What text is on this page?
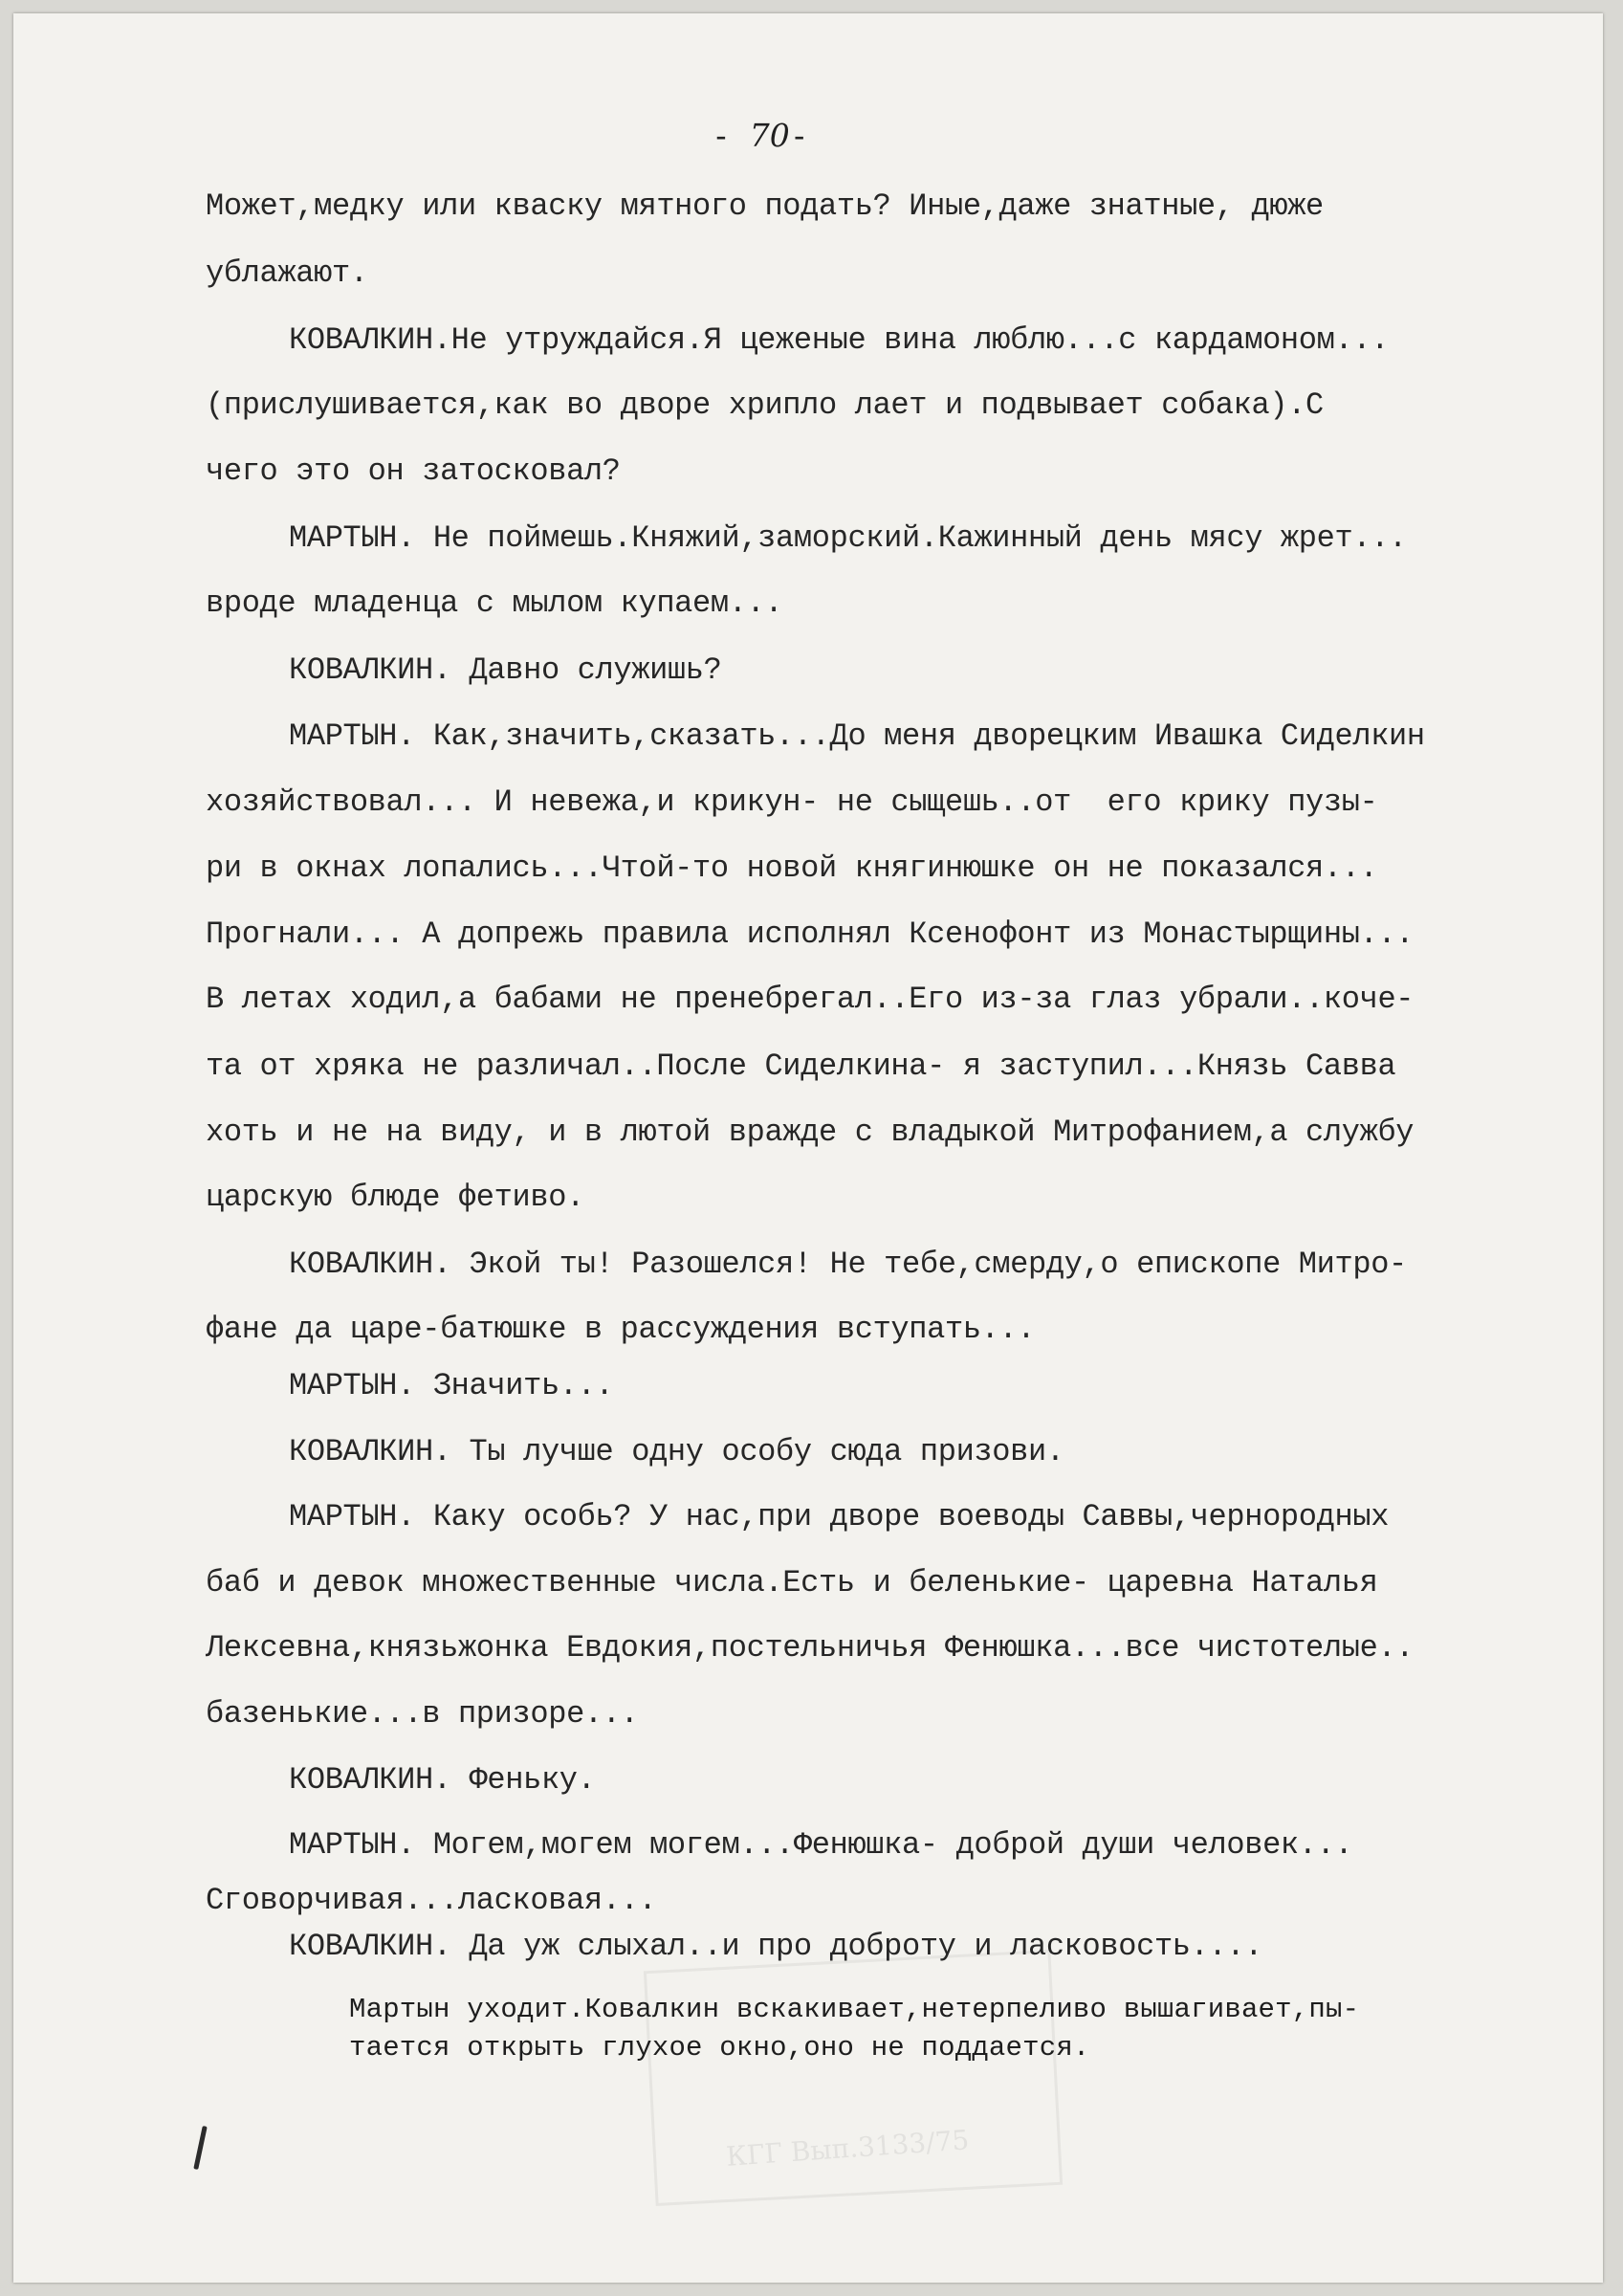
КГГ Вып.3133/75
- 70-
Может,медку или кваску мятного подать? Иные,даже знатные, дюже
ублажают.
КОВАЛКИН.Не утруждайся.Я цеженые вина люблю...с кардамоном...
(прислушивается,как во дворе хрипло лает и подвывает собака).С
чего это он затосковал?
МАРТЫН. Не поймешь.Княжий,заморский.Кажинный день мясу жрет...
вроде младенца с мылом купаем...
КОВАЛКИН. Давно служишь?
МАРТЫН. Как,значить,сказать...До меня дворецким Ивашка Сиделкин
хозяйствовал... И невежа,и крикун- не сыщешь..от  его крику пузы-
ри в окнах лопались...Чтой-то новой княгинюшке он не показался...
Прогнали... А допрежь правила исполнял Ксенофонт из Монастырщины...
В летах ходил,а бабами не пренебрегал..Его из-за глаз убрали..коче-
та от хряка не различал..После Сиделкина- я заступил...Князь Савва
хоть и не на виду, и в лютой вражде с владыкой Митрофанием,а службу
царскую блюде фетиво.
КОВАЛКИН. Экой ты! Разошелся! Не тебе,смерду,о епископе Митро-
фане да царе-батюшке в рассуждения вступать...
МАРТЫН. Значить...
КОВАЛКИН. Ты лучше одну особу сюда призови.
МАРТЫН. Каку особь? У нас,при дворе воеводы Саввы,чернородных
баб и девок множественные числа.Есть и беленькие- царевна Наталья
Лексевна,князьжонка Евдокия,постельничья Фенюшка...все чистотелые..
базенькие...в призоре...
КОВАЛКИН. Феньку.
МАРТЫН. Могем,могем могем...Фенюшка- доброй души человек...
Сговорчивая...ласковая...
КОВАЛКИН. Да уж слыхал..и про доброту и ласковость....
Мартын уходит.Ковалкин вскакивает,нетерпеливо вышагивает,пы-
тается открыть глухое окно,оно не поддается.
